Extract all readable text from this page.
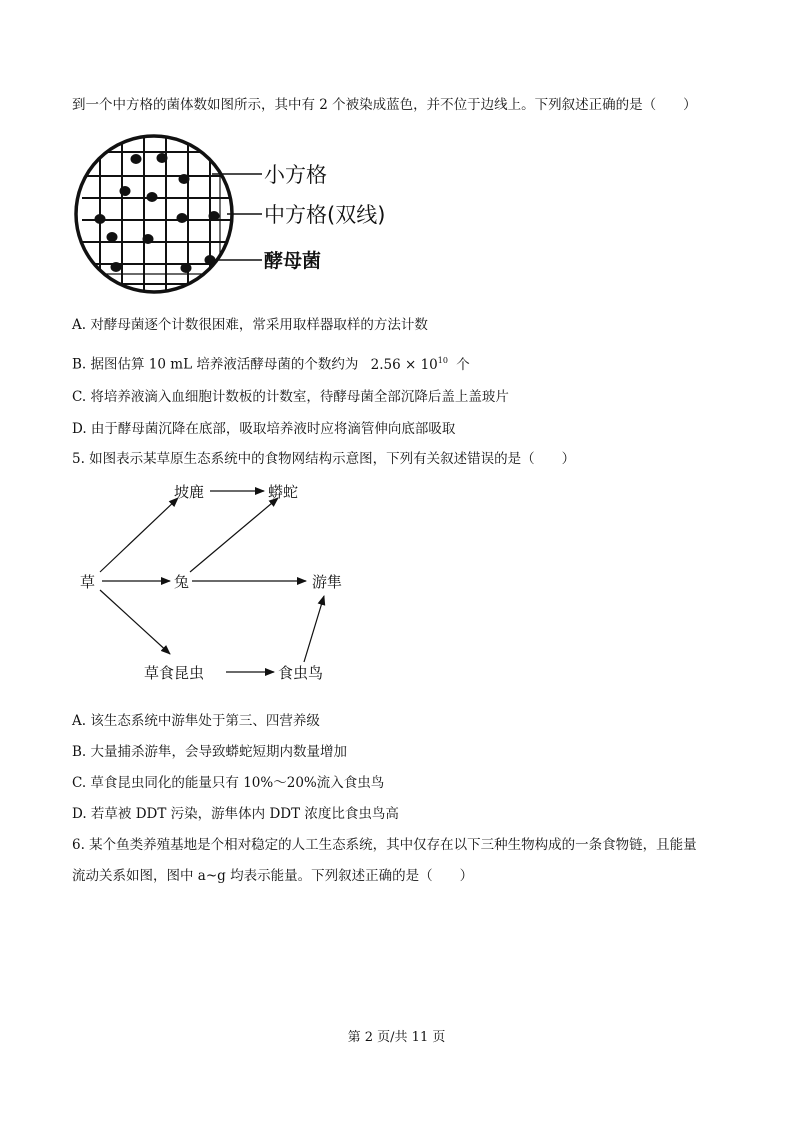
到一个中方格的菌体数如图所示，其中有 2 个被染成蓝色，并不位于边线上。下列叙述正确的是（　　）
小方格
中方格(双线)
酵母菌
A. 对酵母菌逐个计数很困难，常采用取样器取样的方法计数
B. 据图估算 10 mL 培养液活酵母菌的个数约为 $2.56 \times 10^{10}$ 个
C. 将培养液滴入血细胞计数板的计数室，待酵母菌全部沉降后盖上盖玻片
D. 由于酵母菌沉降在底部，吸取培养液时应将滴管伸向底部吸取
5. 如图表示某草原生态系统中的食物网结构示意图，下列有关叙述错误的是（　　）
草
坡鹿	蟒蛇
兔	游隼
草食昆虫	食虫鸟
A. 该生态系统中游隼处于第三、四营养级
B. 大量捕杀游隼，会导致蟒蛇短期内数量增加
C. 草食昆虫同化的能量只有 10%～20%流入食虫鸟
D. 若草被 DDT 污染，游隼体内 DDT 浓度比食虫鸟高
6. 某个鱼类养殖基地是个相对稳定的人工生态系统，其中仅存在以下三种生物构成的一条食物链，且能量
流动关系如图，图中 a~g 均表示能量。下列叙述正确的是（　　）
第 2 页/共 11 页
